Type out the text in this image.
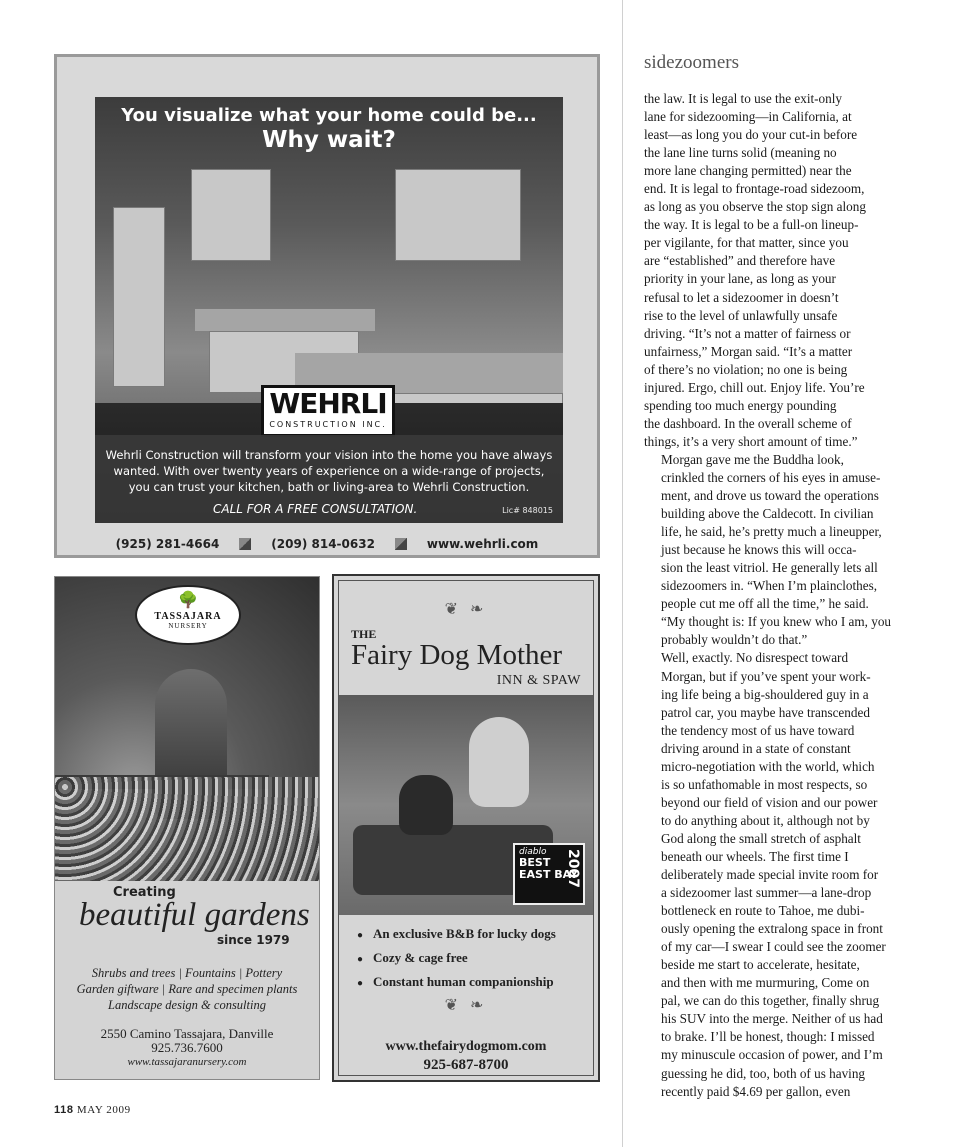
You visualize what your home could be...
Why wait?
WEHRLI
CONSTRUCTION INC.
Wehrli Construction will transform your vision into the home you have always wanted. With over twenty years of experience on a wide-range of projects, you can trust your kitchen, bath or living-area to Wehrli Construction.
CALL FOR A FREE CONSULTATION.	Lic# 848015
(925) 281-4664	(209) 814-0632	www.wehrli.com
🌳
TASSAJARA
NURSERY
Creating
beautiful gardens
since 1979
Shrubs and trees | Fountains | Pottery
Garden giftware | Rare and specimen plants
Landscape design & consulting
2550 Camino Tassajara, Danville
925.736.7600
www.tassajaranursery.com
❦ ❧
THE
Fairy Dog Mother
INN & SPAW
diablo
BEST EAST BAY
2007
● An exclusive B&B for lucky dogs
● Cozy & cage free
● Constant human companionship
❦ ❧
www.thefairydogmom.com
925-687-8700
sidezoomers

the law. It is legal to use the exit-only
lane for sidezooming—in California, at
least—as long you do your cut-in before
the lane line turns solid (meaning no
more lane changing permitted) near the
end. It is legal to frontage-road sidezoom,
as long as you observe the stop sign along
the way. It is legal to be a full-on lineup-
per vigilante, for that matter, since you
are “established” and therefore have
priority in your lane, as long as your
refusal to let a sidezoomer in doesn’t
rise to the level of unlawfully unsafe
driving. “It’s not a matter of fairness or
unfairness,” Morgan said. “It’s a matter
of there’s no violation; no one is being
injured. Ergo, chill out. Enjoy life. You’re
spending too much energy pounding
the dashboard. In the overall scheme of
things, it’s a very short amount of time.”

Morgan gave me the Buddha look,
crinkled the corners of his eyes in amuse-
ment, and drove us toward the operations
building above the Caldecott. In civilian
life, he said, he’s pretty much a lineupper,
just because he knows this will occa-
sion the least vitriol. He generally lets all
sidezoomers in. “When I’m plainclothes,
people cut me off all the time,” he said.
“My thought is: If you knew who I am, you
probably wouldn’t do that.”

Well, exactly. No disrespect toward
Morgan, but if you’ve spent your work-
ing life being a big-shouldered guy in a
patrol car, you maybe have transcended
the tendency most of us have toward
driving around in a state of constant
micro-negotiation with the world, which
is so unfathomable in most respects, so
beyond our field of vision and our power
to do anything about it, although not by
God along the small stretch of asphalt
beneath our wheels. The first time I
deliberately made special invite room for
a sidezoomer last summer—a lane-drop
bottleneck en route to Tahoe, me dubi-
ously opening the extralong space in front
of my car—I swear I could see the zoomer
beside me start to accelerate, hesitate,
and then with me murmuring, Come on
pal, we can do this together, finally shrug
his SUV into the merge. Neither of us had
to brake. I’ll be honest, though: I missed
my minuscule occasion of power, and I’m
guessing he did, too, both of us having
recently paid $4.69 per gallon, even

118 MAY 2009
